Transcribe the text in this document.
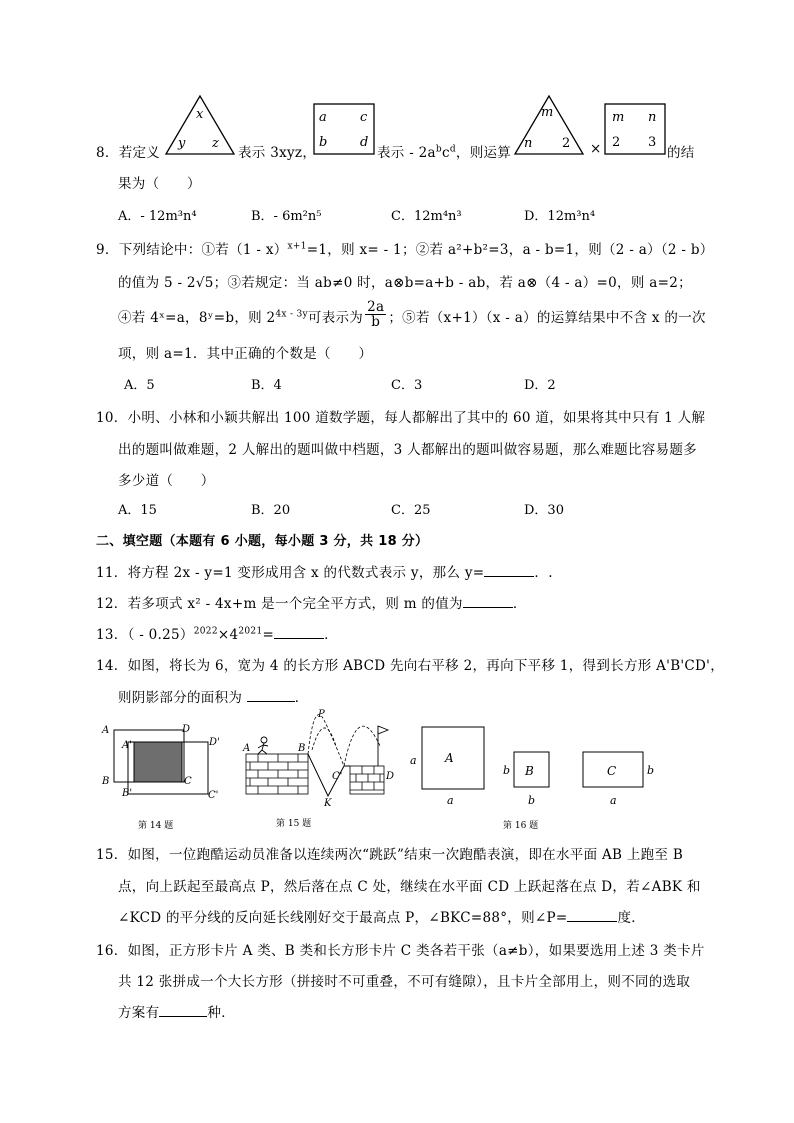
8．若定义
x
y z
表示 3xyz，
a	c
b	d
表示 - $2a^bc^d$，则运算
m
n 2 ×
m n
2 3
的结
果为（　　）
A．- 12m³n⁴	B．- 6m²n⁵	C．12m⁴n³	D．12m³n⁴
9．下列结论中：①若（1 - x）$^{x+1}$=1，则 x= - 1；②若 a²+b²=3，a - b=1，则（2 - a）（2 - b）
的值为 5 - 2√5；③若规定：当 ab≠0 时，a⊗b=a+b - ab，若 a⊗（4 - a）=0，则 a=2；
④若 4ˣ=a，8ʸ=b，则 $2^{4x - 3y}$可表示为 $\frac{2a}{b}$ ；⑤若（x+1）（x - a）的运算结果中不含 x 的一次
项，则 a=1．其中正确的个数是（　　）
A．5	B．4	C．3	D．2
10．小明、小林和小颖共解出 100 道数学题，每人都解出了其中的 60 道，如果将其中只有 1 人解
出的题叫做难题，2 人解出的题叫做中档题，3 人都解出的题叫做容易题，那么难题比容易题多
多少道（　　）
A．15	B．20	C．25	D．30
二、填空题（本题有 6 小题，每小题 3 分，共 18 分）
11．将方程 2x - y=1 变形成用含 x 的代数式表示 y，那么 y=	．.
12．若多项式 x² - 4x+m 是一个完全平方式，则 m 的值为	．
13．（ - $0.25)^{2022}\times 4^{2021}=$	．
14．如图，将长为 6，宽为 4 的长方形 ABCD 先向右平移 2，再向下平移 1，得到长方形 A'B'CD'，
则阴影部分的面积为	．
A	D
A'	D'
B	C
B'	C'
第 14 题
A	B
P
C'	D
K
第 15 题
A
a
a
B
b
b
C	b
a
第 16 题
15．如图，一位跑酷运动员准备以连续两次“跳跃”结束一次跑酷表演，即在水平面 AB 上跑至 B
点，向上跃起至最高点 P，然后落在点 C 处，继续在水平面 CD 上跃起落在点 D，若∠ABK 和
∠KCD 的平分线的反向延长线刚好交于最高点 P，∠BKC=88°，则∠P=	度．
16．如图，正方形卡片 A 类、B 类和长方形卡片 C 类各若干张（a≠b），如果要选用上述 3 类卡片
共 12 张拼成一个大长方形（拼接时不可重叠，不可有缝隙），且卡片全部用上，则不同的选取
方案有	种．
